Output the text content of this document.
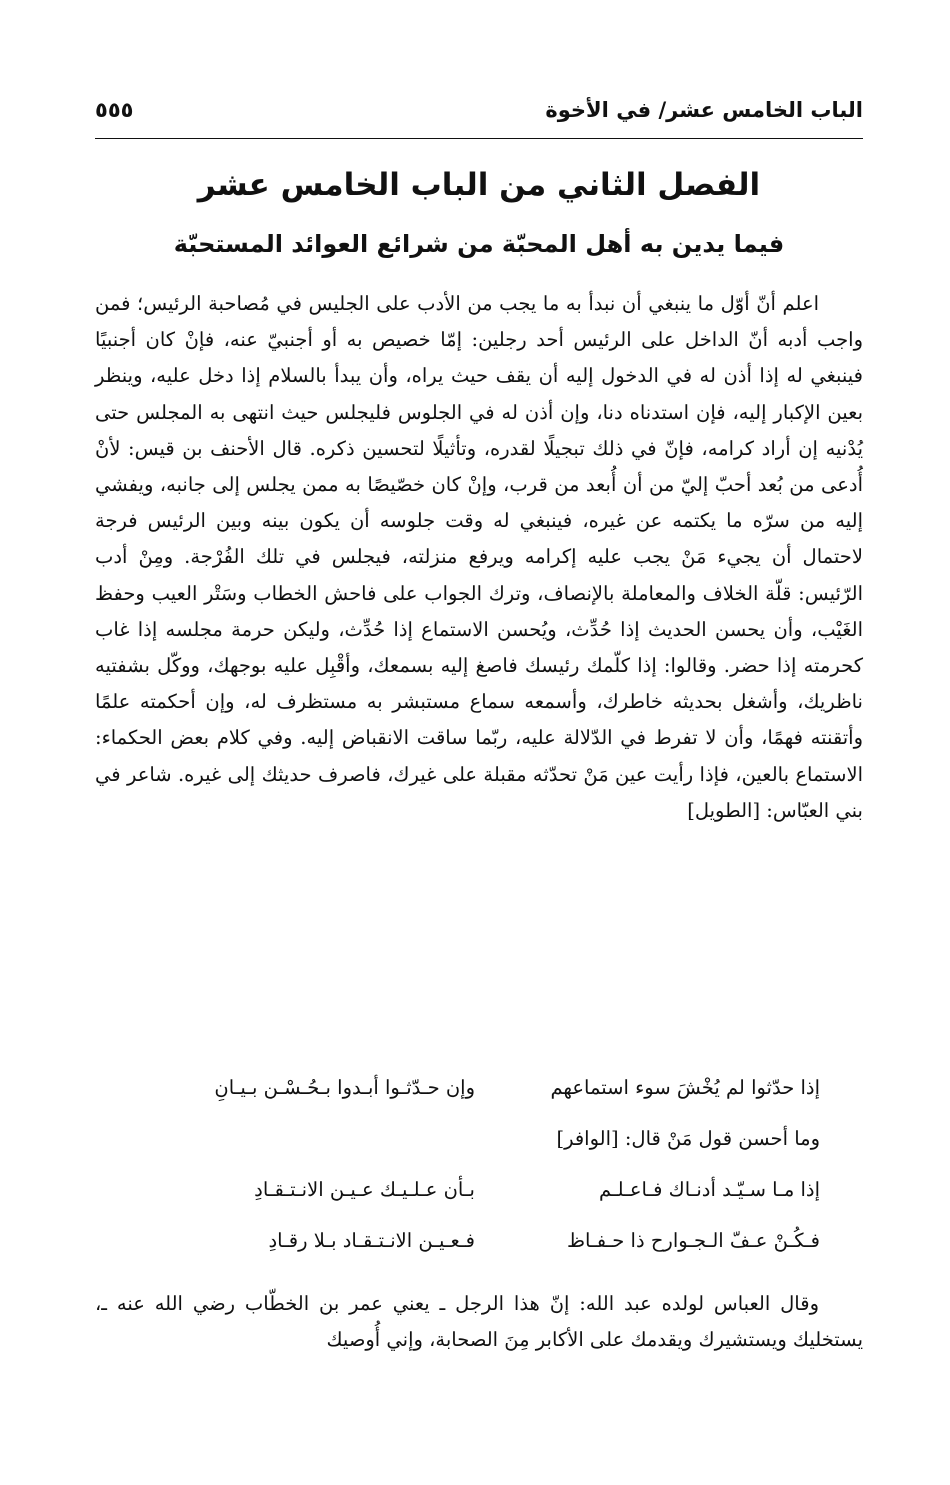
الباب الخامس عشر/ في الأخوة
٥٥٥
الفصل الثاني من الباب الخامس عشر
فيما يدين به أهل المحبّة من شرائع العوائد المستحبّة

اعلم أنّ أوّل ما ينبغي أن نبدأ به ما يجب من الأدب على الجليس في مُصاحبة الرئيس؛ فمن واجب أدبه أنّ الداخل على الرئيس أحد رجلين: إمّا خصيص به أو أجنبيّ عنه، فإنْ كان أجنبيًا فينبغي له إذا أذن له في الدخول إليه أن يقف حيث يراه، وأن يبدأ بالسلام إذا دخل عليه، وينظر بعين الإكبار إليه، فإن استدناه دنا، وإن أذن له في الجلوس فليجلس حيث انتهى به المجلس حتى يُدْنيه إن أراد كرامه، فإنّ في ذلك تبجيلًا لقدره، وتأثيلًا لتحسين ذكره. قال الأحنف بن قيس: لأنْ أُدعى من بُعد أحبّ إليّ من أن أُبعد من قرب، وإنْ كان خصّيصًا به ممن يجلس إلى جانبه، ويفشي إليه من سرّه ما يكتمه عن غيره، فينبغي له وقت جلوسه أن يكون بينه وبين الرئيس فرجة لاحتمال أن يجيء مَنْ يجب عليه إكرامه ويرفع منزلته، فيجلس في تلك الفُرْجة. ومِنْ أدب الرّئيس: قلّة الخلاف والمعاملة بالإنصاف، وترك الجواب على فاحش الخطاب وسَتْر العيب وحفظ الغَيْب، وأن يحسن الحديث إذا حُدِّث، ويُحسن الاستماع إذا حُدِّث، وليكن حرمة مجلسه إذا غاب كحرمته إذا حضر. وقالوا: إذا كلّمك رئيسك فاصغ إليه بسمعك، وأقْبِل عليه بوجهك، ووكّل بشفتيه ناظريك، وأشغل بحديثه خاطرك، وأسمعه سماع مستبشر به مستظرف له، وإن أحكمته علمًا وأتقنته فهمًا، وأن لا تفرط في الدّلالة عليه، ربّما ساقت الانقباض إليه. وفي كلام بعض الحكماء: الاستماع بالعين، فإذا رأيت عين مَنْ تحدّثه مقبلة على غيرك، فاصرف حديثك إلى غيره. شاعر في بني العبّاس: [الطويل]

إذا حدّثوا لم يُخْشَ سوء استماعهم
وإن حـدّثـوا أبـدوا بـحُـسْـن بـيـانِ
وما أحسن قول مَنْ قال: [الوافر]
إذا مـا سـيّـد أدنـاك فـاعـلـم
بـأن عـلـيـك عـيـن الانـتـقـادِ
فـكُـنْ عـفّ الـجـوارح ذا حـفـاظ
فـعـيـن الانـتـقـاد بـلا رقـادِ

وقال العباس لولده عبد الله: إنّ هذا الرجل ـ يعني عمر بن الخطّاب رضي الله عنه ـ، يستخليك ويستشيرك ويقدمك على الأكابر مِنَ الصحابة، وإني أُوصيك
